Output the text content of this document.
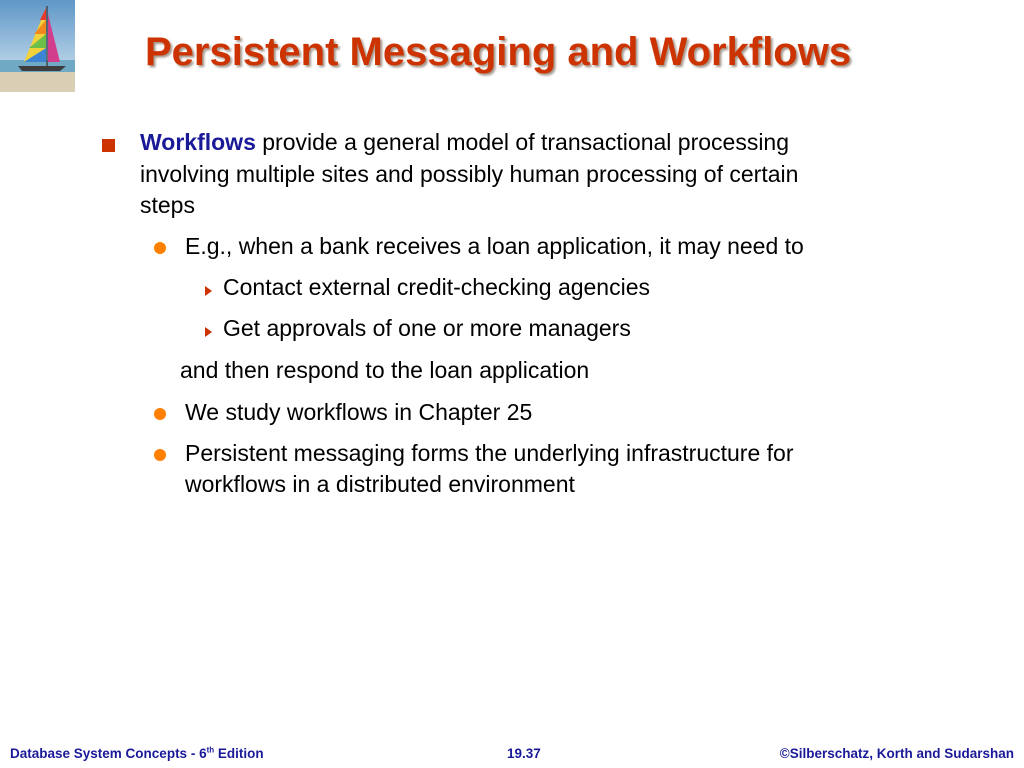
Persistent Messaging and Workflows
Workflows provide a general model of transactional processing
involving multiple sites and possibly human processing of certain
steps
E.g., when a bank receives a loan application, it may need to
Contact external credit-checking agencies
Get approvals of one or more managers
and then respond to the loan application
We study workflows in Chapter 25
Persistent messaging forms the underlying infrastructure for
workflows in a distributed environment
Database System Concepts - 6th Edition	19.37	©Silberschatz, Korth and Sudarshan
